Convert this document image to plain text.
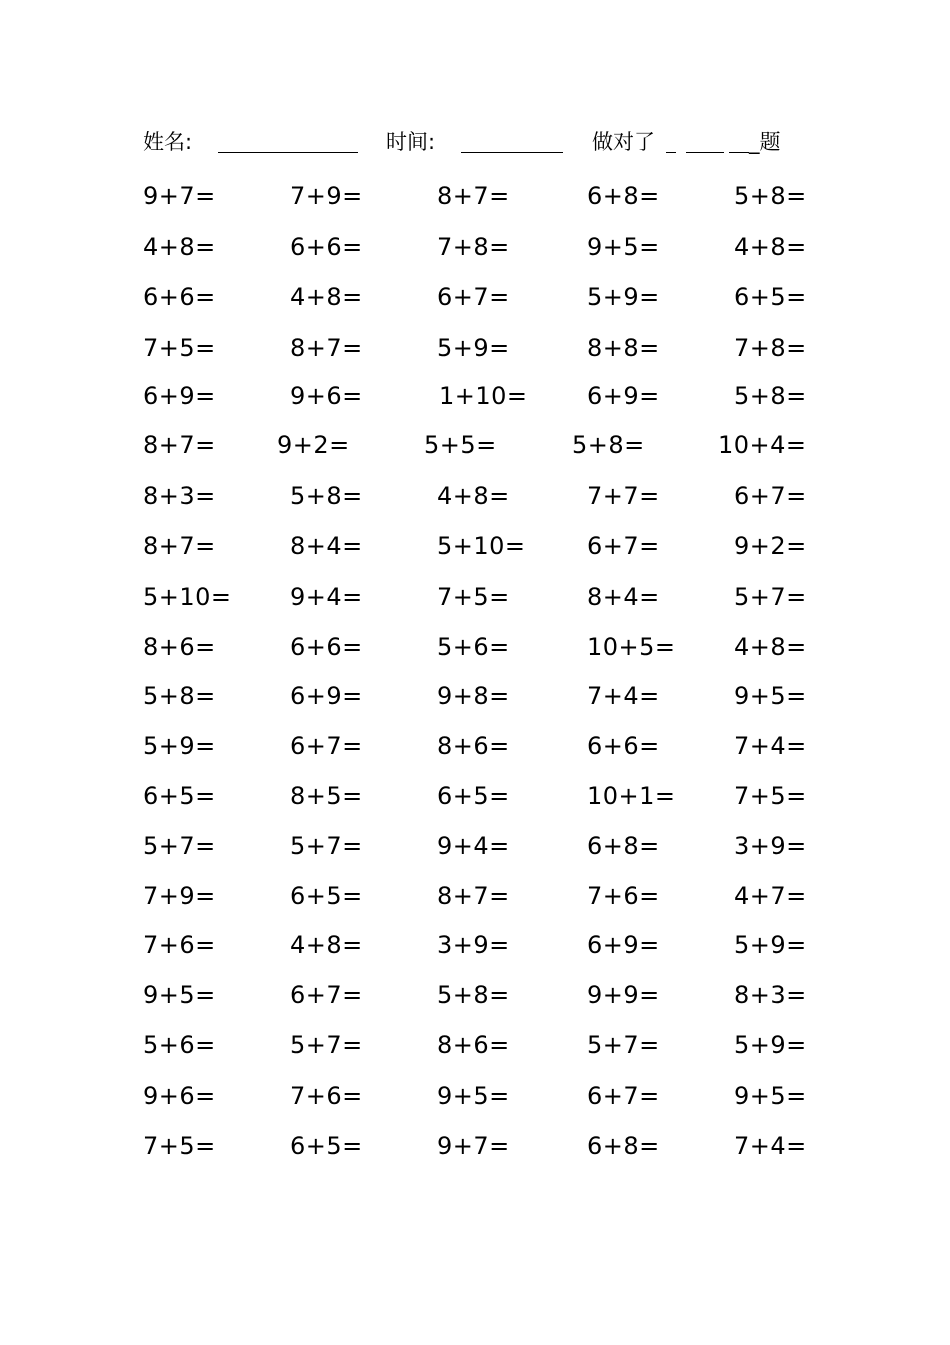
姓名:	时间:	做对了	_题
9+7=	7+9=	8+7=	6+8=	5+8=
4+8=	6+6=	7+8=	9+5=	4+8=
6+6=	4+8=	6+7=	5+9=	6+5=
7+5=	8+7=	5+9=	8+8=	7+8=
6+9=	9+6=	1+10= 6+9=	5+8=
8+7=	9+2=	5+5=	5+8=	10+4=
8+3=	5+8=	4+8=	7+7=	6+7=
8+7=	8+4=	5+10=	6+7=	9+2=
5+10= 9+4=	7+5=	8+4=	5+7=
8+6=	6+6=	5+6=	10+5= 4+8=
5+8=	6+9=	9+8=	7+4=	9+5=
5+9=	6+7=	8+6=	6+6=	7+4=
6+5=	8+5=	6+5=	10+1= 7+5=
5+7=	5+7=	9+4=	6+8=	3+9=
7+9=	6+5=	8+7=	7+6=	4+7=
7+6=	4+8=	3+9=	6+9=	5+9=
9+5=	6+7=	5+8=	9+9=	8+3=
5+6=	5+7=	8+6=	5+7=	5+9=
9+6=	7+6=	9+5=	6+7=	9+5=
7+5=	6+5=	9+7=	6+8=	7+4=
